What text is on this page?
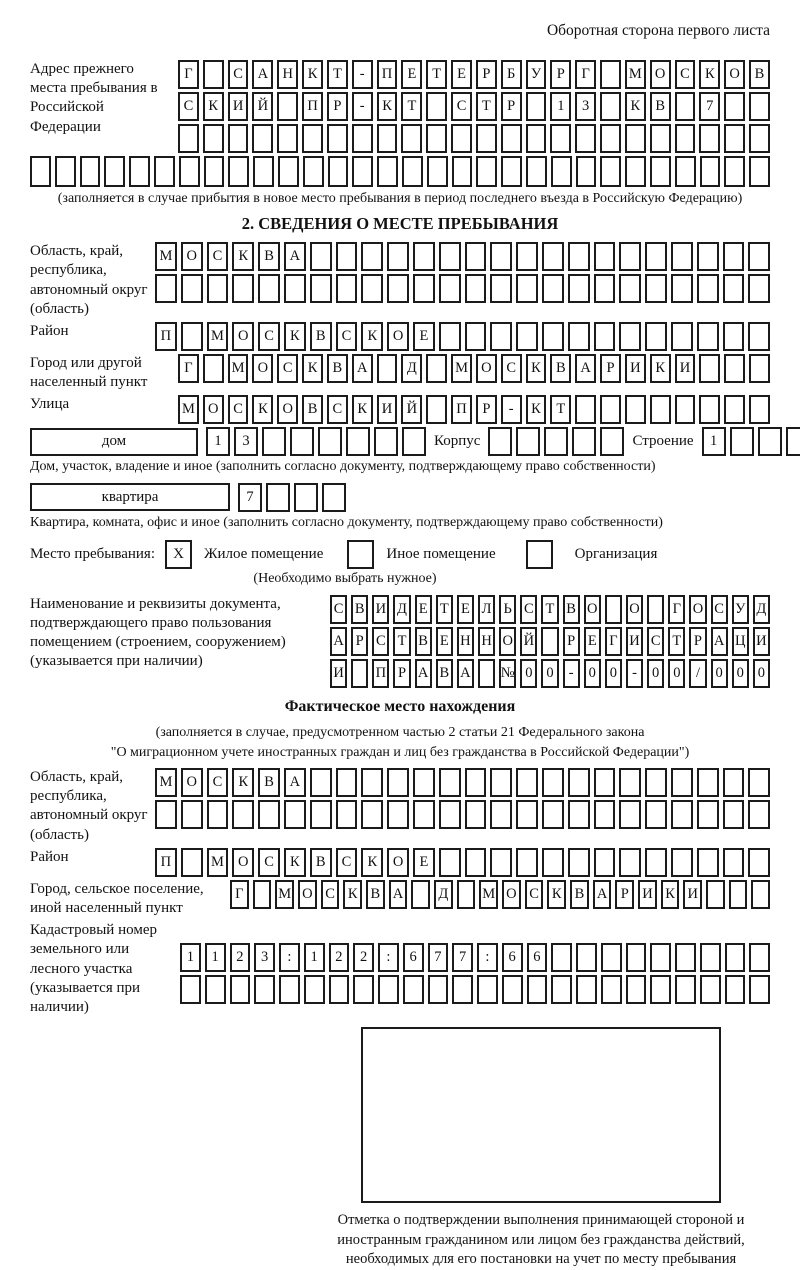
Оборотная сторона первого листа
Адрес прежнего места пребывания в Российской Федерации
Г	С	А Н	К	Т	-	П	Е	Т	Е	Р	Б	У	Р	Г	М О	С	К	О	В
С	К	И Й	П	Р	-	К	Т	С	Т	Р	1	3	К	В	7
(заполняется в случае прибытия в новое место пребывания в период последнего въезда в Российскую Федерацию)
2. СВЕДЕНИЯ О МЕСТЕ ПРЕБЫВАНИЯ
Область, край, республика, автономный округ (область)
М О	С	К	В	А
Район	П	М О	С	К	В	С	К	О	Е
Город или другой населенный пункт
Г	М О	С	К	В	А	Д	М О	С	К	В	А	Р	И	К	И
Улица	М О	С	К	О	В	С	К	И Й	П	Р	-	К	Т
дом	1	3	Корпус	Строение	1
Дом, участок, владение и иное (заполнить согласно документу, подтверждающему право собственности)
квартира	7
Квартира, комната, офис и иное (заполнить согласно документу, подтверждающему право собственности)
Место пребывания:	X	Жилое помещение	Иное помещение	Организация
(Необходимо выбрать нужное)
Наименование и реквизиты документа, подтверждающего право пользования помещением (строением, сооружением) (указывается при наличии)
С В И Д Е Т Е Л Ь С Т В О О	Г О С У Д
А Р С Т В Е Н Н О Й	Р Е Г И С Т Р А Ц И
И П Р А В А № 0 0	-	0 0	-	0 0	/	0 0 0
Фактическое место нахождения
(заполняется в случае, предусмотренном частью 2 статьи 21 Федерального закона
"О миграционном учете иностранных граждан и лиц без гражданства в Российской Федерации")
Область, край, республика, автономный округ (область)
М О	С	К	В	А
Район	П	М О	С	К	В	С	К	О	Е
Город, сельское поселение, иной населенный пункт
Г	М О С К В А	Д	М О С К В А Р И К И
Кадастровый номер земельного или лесного участка (указывается при наличии)
1	1	2	3	:	1	2	2	:	6	7	7	:	6	6
Отметка о подтверждении выполнения принимающей стороной и иностранным гражданином или лицом без гражданства действий, необходимых для его постановки на учет по месту пребывания
